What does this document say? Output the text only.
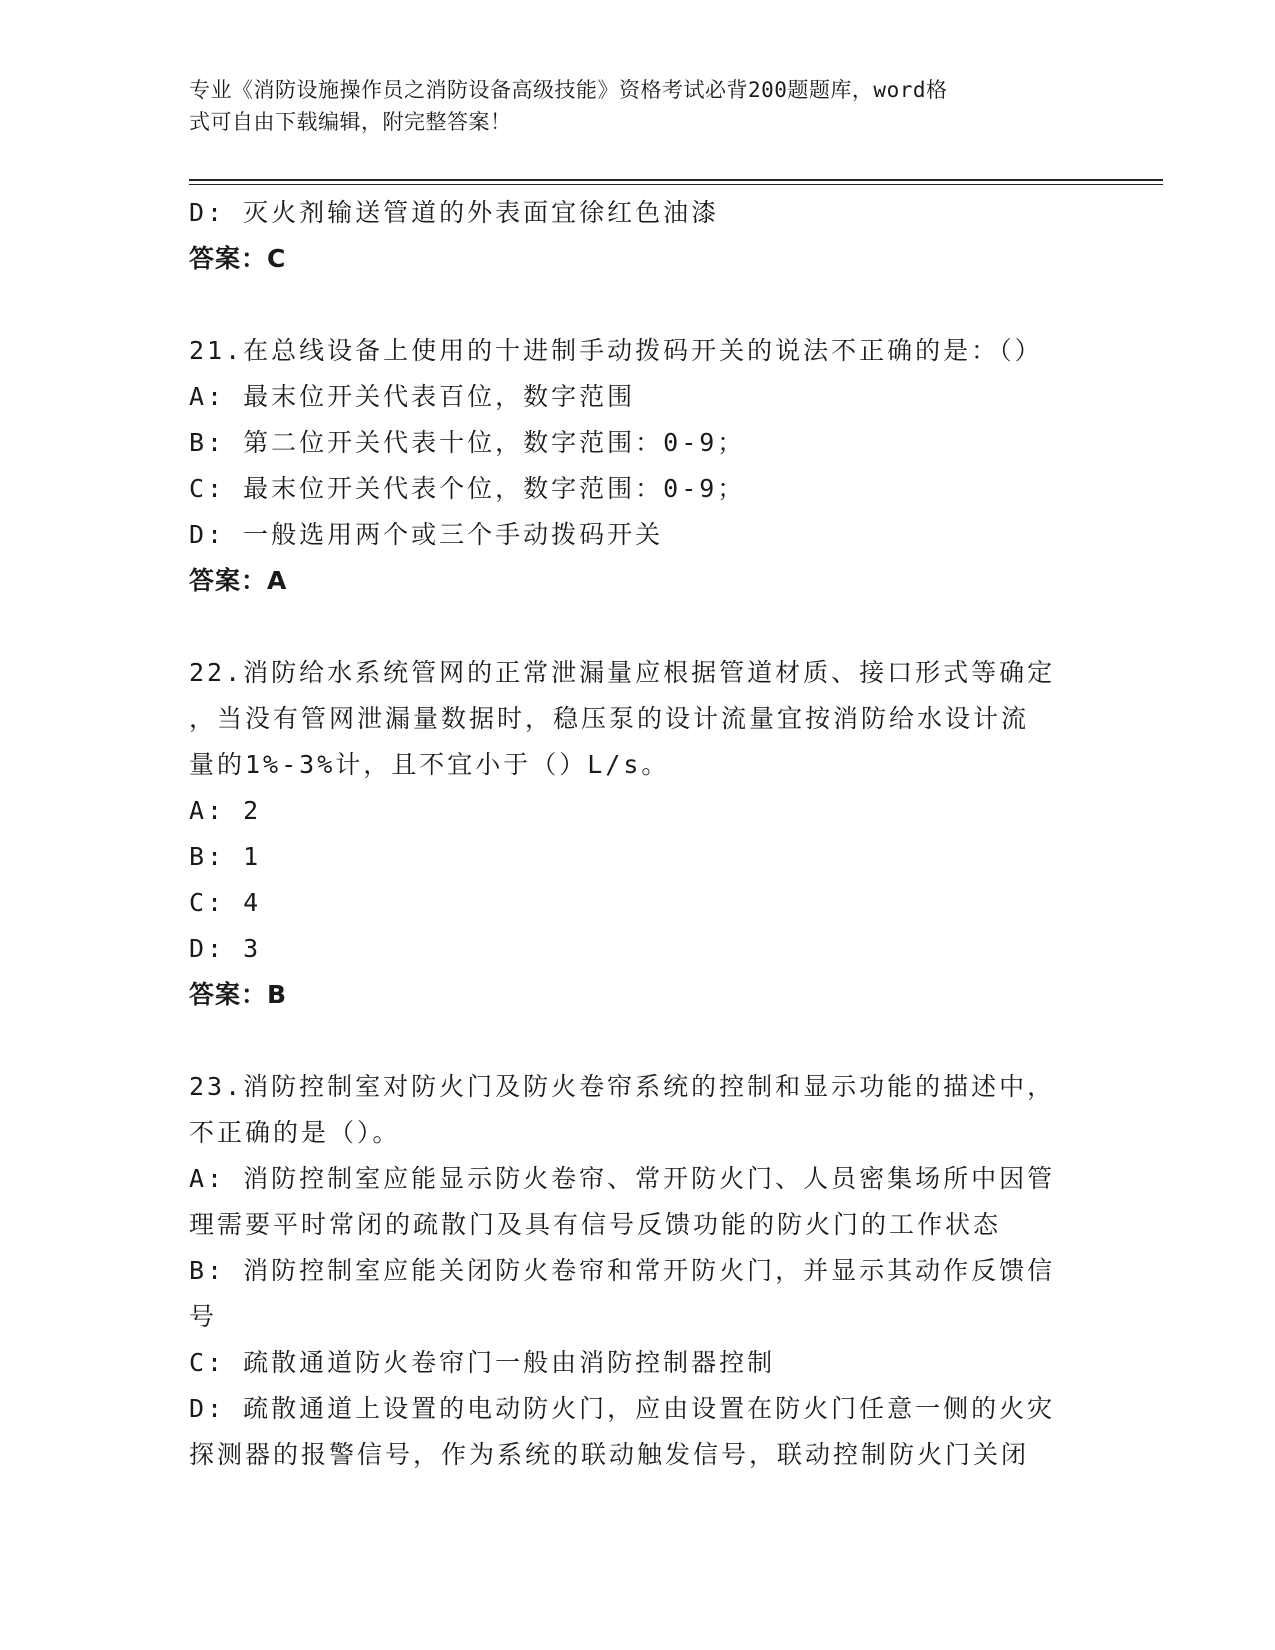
专业《消防设施操作员之消防设备高级技能》资格考试必背200题题库，word格
式可自由下载编辑，附完整答案！
D: 灭火剂输送管道的外表面宜徐红色油漆
答案：C
21.在总线设备上使用的十进制手动拨码开关的说法不正确的是：（）
A: 最末位开关代表百位，数字范围
B: 第二位开关代表十位，数字范围：0-9；
C: 最末位开关代表个位，数字范围：0-9；
D: 一般选用两个或三个手动拨码开关
答案：A
22.消防给水系统管网的正常泄漏量应根据管道材质、接口形式等确定
，当没有管网泄漏量数据时，稳压泵的设计流量宜按消防给水设计流
量的1%-3%计，且不宜小于（）L/s。
A: 2
B: 1
C: 4
D: 3
答案：B
23.消防控制室对防火门及防火卷帘系统的控制和显示功能的描述中，
不正确的是（）。
A: 消防控制室应能显示防火卷帘、常开防火门、人员密集场所中因管
理需要平时常闭的疏散门及具有信号反馈功能的防火门的工作状态
B: 消防控制室应能关闭防火卷帘和常开防火门，并显示其动作反馈信
号
C: 疏散通道防火卷帘门一般由消防控制器控制
D: 疏散通道上设置的电动防火门，应由设置在防火门任意一侧的火灾
探测器的报警信号，作为系统的联动触发信号，联动控制防火门关闭
